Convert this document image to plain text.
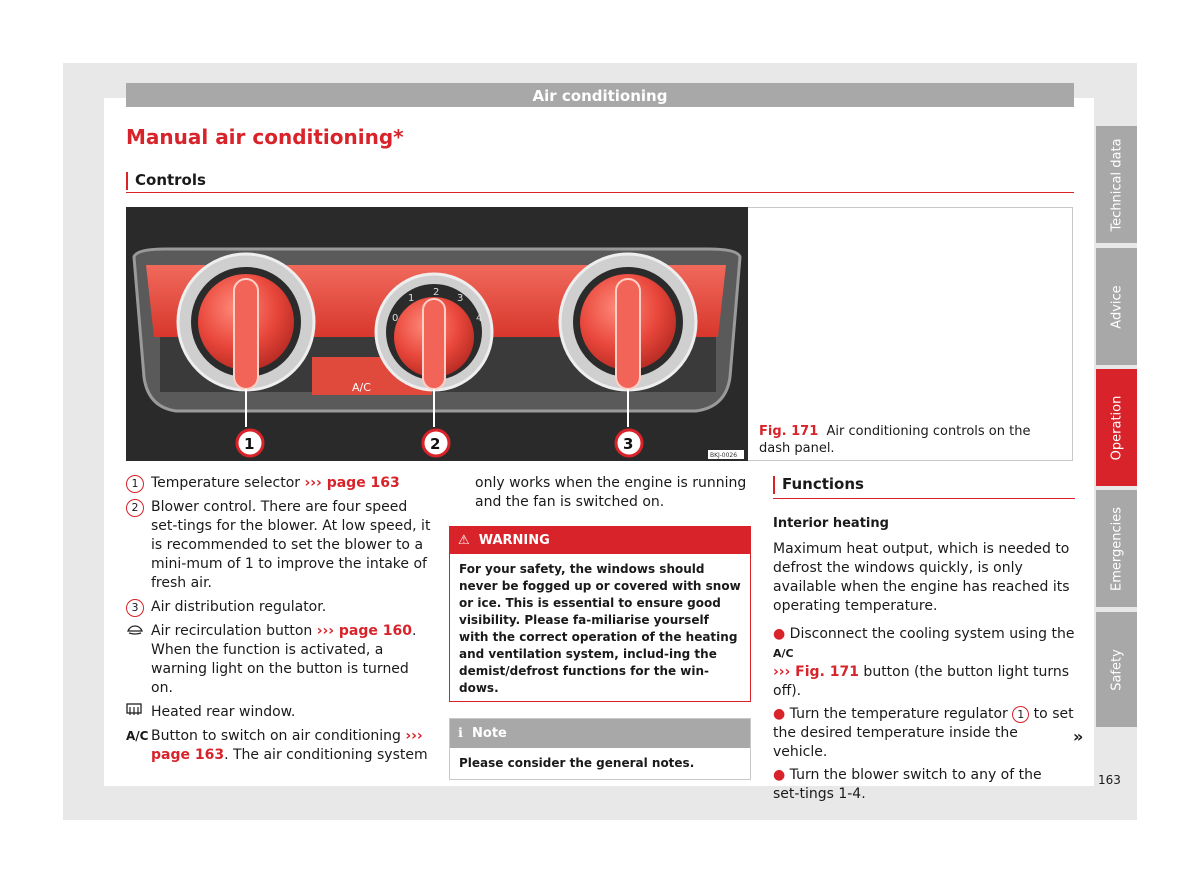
Air conditioning
Manual air conditioning*
Controls
A/C
0
1
2
3
4
1	2	3
BKJ-0026
Fig. 171 Air conditioning controls on the dash panel.
1 Temperature selector ››› page 163
2 Blower control. There are four speed set-tings for the blower. At low speed, it is recommended to set the blower to a mini-mum of 1 to improve the intake of fresh air.
3 Air distribution regulator.
Air recirculation button ››› page 160. When the function is activated, a warning light on the button is turned on.
Heated rear window.
A/C Button to switch on air conditioning ››› page 163. The air conditioning system
only works when the engine is running and the fan is switched on.
⚠ WARNING
For your safety, the windows should never be fogged up or covered with snow or ice. This is essential to ensure good visibility. Please fa-miliarise yourself with the correct operation of the heating and ventilation system, includ-ing the demist/defrost functions for the win-dows.
ℹ Note
Please consider the general notes.
Functions
Interior heating
Maximum heat output, which is needed to defrost the windows quickly, is only available when the engine has reached its operating temperature.
● Disconnect the cooling system using the A/C
››› Fig. 171 button (the button light turns off).
● Turn the temperature regulator 1 to set the desired temperature inside the vehicle.
● Turn the blower switch to any of the set-tings 1-4.
»
Technical data
Advice
Operation
Emergencies
Safety
163
